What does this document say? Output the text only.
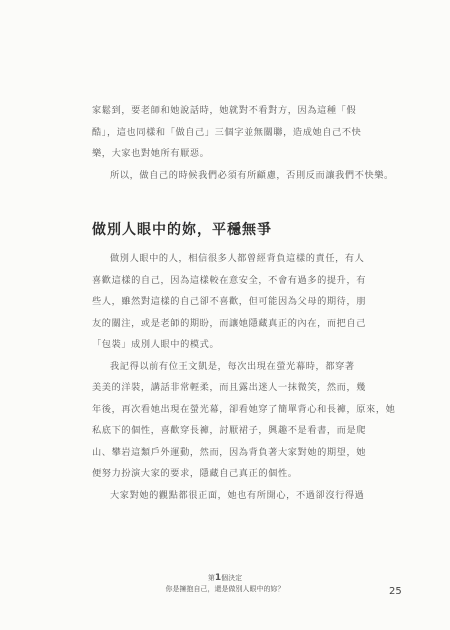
家鬆到，要老師和她說話時，她就對不看對方，因為這種「假
酷」，這也同樣和「做自己」三個字並無關聯，造成她自己不快
樂，大家也對她所有厭惡。
所以，做自己的時候我們必須有所顧慮，否則反而讓我們不快樂。
做別人眼中的妳，平穩無爭
做別人眼中的人，相信很多人都曾經背負這樣的責任，有人
喜歡這樣的自己，因為這樣較在意安全，不會有過多的提升，有
些人，雖然對這樣的自己卻不喜歡，但可能因為父母的期待，朋
友的關注，或是老師的期盼，而讓她隱藏真正的內在，而把自己
「包裝」成別人眼中的模式。
我記得以前有位王文凱是，每次出現在螢光幕時，都穿著
美美的洋裝，講話非常輕柔，而且露出迷人一抹微笑，然而，幾
年後，再次看她出現在螢光幕，卻看她穿了簡單背心和長褲，原來，她
私底下的個性，喜歡穿長褲，討厭裙子，興趣不是看書，而是爬
山、攀岩這類戶外運動，然而，因為背負著大家對她的期望，她
便努力扮演大家的要求，隱藏自己真正的個性。
大家對她的觀點都很正面，她也有所開心，不過卻沒行得過
第1個決定
你是擁抱自己，還是做別人眼中的妳？	25
